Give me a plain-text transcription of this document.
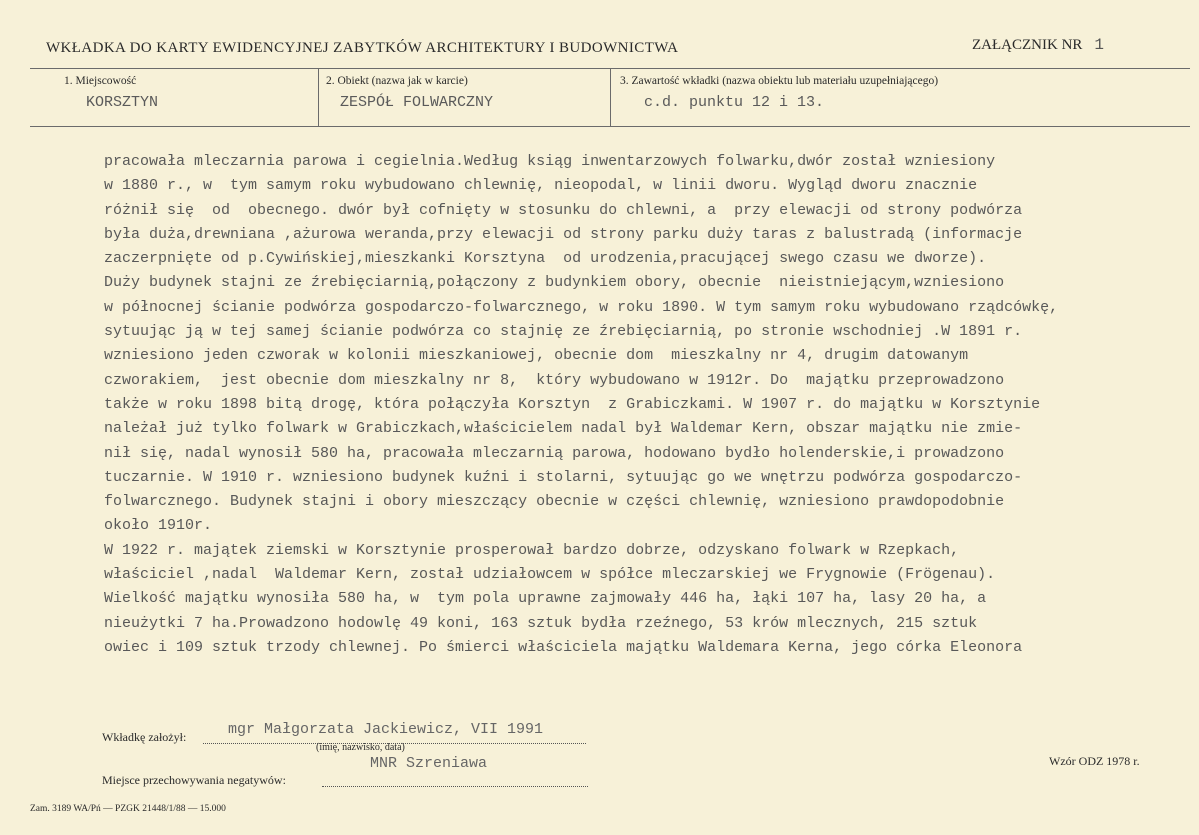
WKŁADKA DO KARTY EWIDENCYJNEJ ZABYTKÓW ARCHITEKTURY I BUDOWNICTWA	ZAŁĄCZNIK NR 1
1. Miejscowość
KORSZTYN
2. Obiekt (nazwa jak w karcie)
ZESPÓŁ FOLWARCZNY
3. Zawartość wkładki (nazwa obiektu lub materiału uzupełniającego)
c.d. punktu 12 i 13.
pracowała mleczarnia parowa i cegielnia.Według ksiąg inwentarzowych folwarku,dwór został wzniesiony
w 1880 r., w  tym samym roku wybudowano chlewnię, nieopodal, w linii dworu. Wygląd dworu znacznie
różnił się  od  obecnego. dwór był cofnięty w stosunku do chlewni, a  przy elewacji od strony podwórza
była duża,drewniana ,ażurowa weranda,przy elewacji od strony parku duży taras z balustradą (informacje
zaczerpnięte od p.Cywińskiej,mieszkanki Korsztyna  od urodzenia,pracującej swego czasu we dworze).
Duży budynek stajni ze źrebięciarnią,połączony z budynkiem obory, obecnie  nieistniejącym,wzniesiono
w północnej ścianie podwórza gospodarczo-folwarcznego, w roku 1890. W tym samym roku wybudowano rządcówkę,
sytuując ją w tej samej ścianie podwórza co stajnię ze źrebięciarnią, po stronie wschodniej .W 1891 r.
wzniesiono jeden czworak w kolonii mieszkaniowej, obecnie dom  mieszkalny nr 4, drugim datowanym
czworakiem,  jest obecnie dom mieszkalny nr 8,  który wybudowano w 1912r. Do  majątku przeprowadzono
także w roku 1898 bitą drogę, która połączyła Korsztyn  z Grabiczkami. W 1907 r. do majątku w Korsztynie
należał już tylko folwark w Grabiczkach,właścicielem nadal był Waldemar Kern, obszar majątku nie zmie-
nił się, nadal wynosił 580 ha, pracowała mleczarnią parowa, hodowano bydło holenderskie,i prowadzono
tuczarnie. W 1910 r. wzniesiono budynek kuźni i stolarni, sytuując go we wnętrzu podwórza gospodarczo-
folwarcznego. Budynek stajni i obory mieszczący obecnie w części chlewnię, wzniesiono prawdopodobnie
około 1910r.
W 1922 r. majątek ziemski w Korsztynie prosperował bardzo dobrze, odzyskano folwark w Rzepkach,
właściciel ,nadal  Waldemar Kern, został udziałowcem w spółce mleczarskiej we Frygnowie (Frögenau).
Wielkość majątku wynosiła 580 ha, w  tym pola uprawne zajmowały 446 ha, łąki 107 ha, lasy 20 ha, a
nieużytki 7 ha.Prowadzono hodowlę 49 koni, 163 sztuk bydła rzeźnego, 53 krów mlecznych, 215 sztuk
owiec i 109 sztuk trzody chlewnej. Po śmierci właściciela majątku Waldemara Kerna, jego córka Eleonora
Wkładkę założył:	mgr Małgorzata Jackiewicz, VII 1991
(imię, nazwisko, data)
MNR Szreniawa
Miejsce przechowywania negatywów:
Wzór ODZ 1978 r.
Zam. 3189 WA/Pń — PZGK 21448/1/88 — 15.000
